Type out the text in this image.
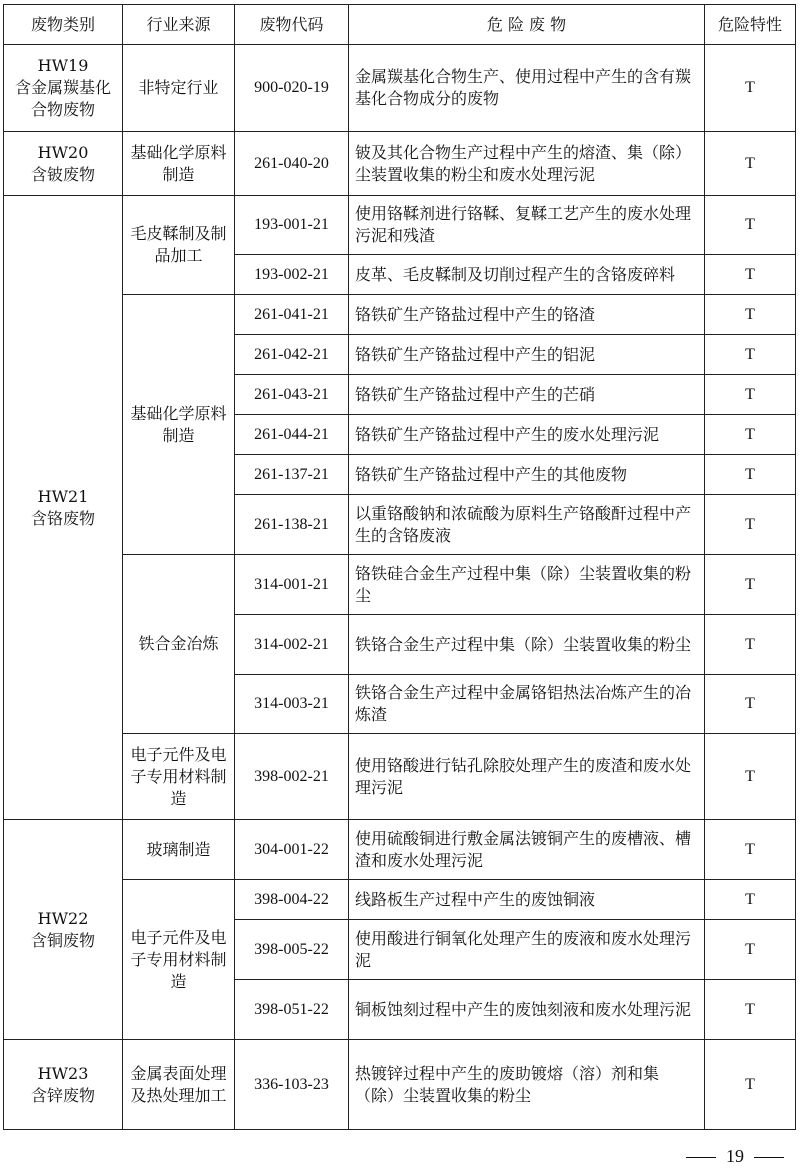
废物类别	行业来源	废物代码	危 险 废 物	危险特性

HW19
含金属羰基化合物废物	非特定行业	900-020-19	金属羰基化合物生产、使用过程中产生的含有羰基化合物成分的废物	T

HW20
含铍废物	基础化学原料制造	261-040-20	铍及其化合物生产过程中产生的熔渣、集（除）尘装置收集的粉尘和废水处理污泥	T

HW21
含铬废物	毛皮鞣制及制品加工	193-001-21	使用铬鞣剂进行铬鞣、复鞣工艺产生的废水处理污泥和残渣	T
		193-002-21	皮革、毛皮鞣制及切削过程产生的含铬废碎料	T
	基础化学原料制造	261-041-21	铬铁矿生产铬盐过程中产生的铬渣	T
		261-042-21	铬铁矿生产铬盐过程中产生的铝泥	T
		261-043-21	铬铁矿生产铬盐过程中产生的芒硝	T
		261-044-21	铬铁矿生产铬盐过程中产生的废水处理污泥	T
		261-137-21	铬铁矿生产铬盐过程中产生的其他废物	T
		261-138-21	以重铬酸钠和浓硫酸为原料生产铬酸酐过程中产生的含铬废液	T
	铁合金冶炼	314-001-21	铬铁硅合金生产过程中集（除）尘装置收集的粉尘	T
		314-002-21	铁铬合金生产过程中集（除）尘装置收集的粉尘	T
		314-003-21	铁铬合金生产过程中金属铬铝热法冶炼产生的冶炼渣	T
	电子元件及电子专用材料制造	398-002-21	使用铬酸进行钻孔除胶处理产生的废渣和废水处理污泥	T

HW22
含铜废物	玻璃制造	304-001-22	使用硫酸铜进行敷金属法镀铜产生的废槽液、槽渣和废水处理污泥	T
	电子元件及电子专用材料制造	398-004-22	线路板生产过程中产生的废蚀铜液	T
		398-005-22	使用酸进行铜氧化处理产生的废液和废水处理污泥	T
		398-051-22	铜板蚀刻过程中产生的废蚀刻液和废水处理污泥	T

HW23
含锌废物	金属表面处理及热处理加工	336-103-23	热镀锌过程中产生的废助镀熔（溶）剂和集（除）尘装置收集的粉尘	T
19
